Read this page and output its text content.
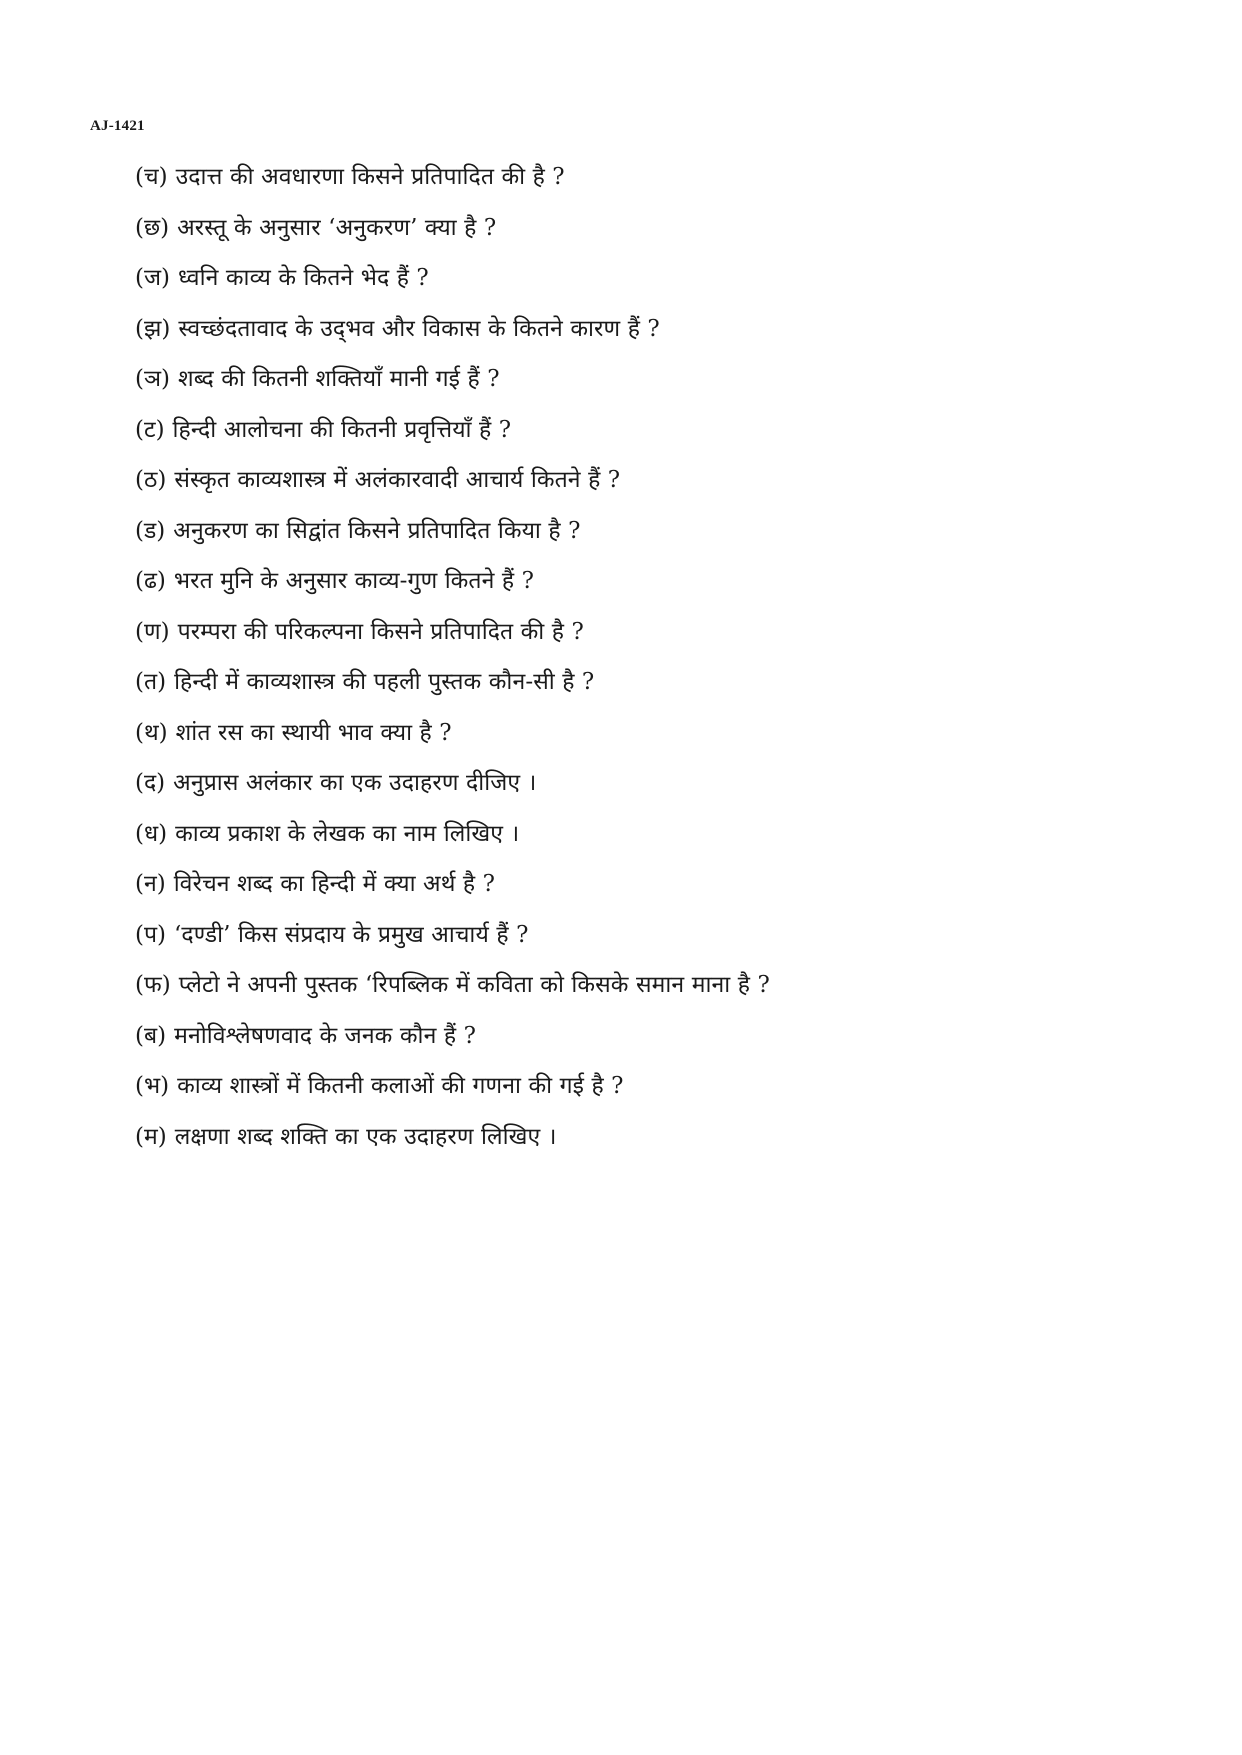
AJ-1421
(च) उदात्त की अवधारणा किसने प्रतिपादित की है ?
(छ) अरस्तू के अनुसार ‘अनुकरण’ क्या है ?
(ज) ध्वनि काव्य के कितने भेद हैं ?
(झ) स्वच्छंदतावाद के उद्‌भव और विकास के कितने कारण हैं ?
(ञ) शब्द की कितनी शक्तियाँ मानी गई हैं ?
(ट) हिन्दी आलोचना की कितनी प्रवृत्तियाँ हैं ?
(ठ) संस्कृत काव्यशास्त्र में अलंकारवादी आचार्य कितने हैं ?
(ड) अनुकरण का सिद्वांत किसने प्रतिपादित किया है ?
(ढ) भरत मुनि के अनुसार काव्य-गुण कितने हैं ?
(ण) परम्परा की परिकल्पना किसने प्रतिपादित की है ?
(त) हिन्दी में काव्यशास्त्र की पहली पुस्तक कौन-सी है ?
(थ) शांत रस का स्थायी भाव क्या है ?
(द) अनुप्रास अलंकार का एक उदाहरण दीजिए ।
(ध) काव्य प्रकाश के लेखक का नाम लिखिए ।
(न) विरेचन शब्द का हिन्दी में क्या अर्थ है ?
(प) ‘दण्डी’ किस संप्रदाय के प्रमुख आचार्य हैं ?
(फ) प्लेटो ने अपनी पुस्तक ‘रिपब्लिक में कविता को किसके समान माना है ?
(ब) मनोविश्लेषणवाद के जनक कौन हैं ?
(भ) काव्य शास्त्रों में कितनी कलाओं की गणना की गई है ?
(म) लक्षणा शब्द शक्ति का एक उदाहरण लिखिए ।
